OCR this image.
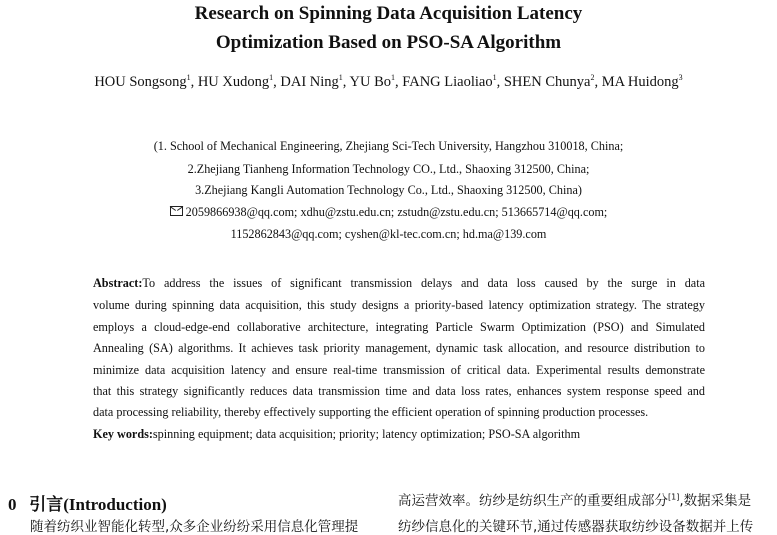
Research on Spinning Data Acquisition Latency
Optimization Based on PSO-SA Algorithm
HOU Songsong$^1$, HU Xudong$^1$, DAI Ning$^1$, YU Bo$^1$, FANG Liaoliao$^1$, SHEN Chunya$^2$, MA Huidong$^3$
(1. School of Mechanical Engineering, Zhejiang Sci-Tech University, Hangzhou 310018, China;
2.Zhejiang Tianheng Information Technology CO., Ltd., Shaoxing 312500, China;
3.Zhejiang Kangli Automation Technology Co., Ltd., Shaoxing 312500, China)
2059866938@qq.com; xdhu@zstu.edu.cn; zstudn@zstu.edu.cn; 513665714@qq.com;
1152862843@qq.com; cyshen@kl-tec.com.cn; hd.ma@139.com
Abstract:To address the issues of significant transmission delays and data loss caused by the surge in data
volume during spinning data acquisition, this study designs a priority-based latency optimization strategy. The strategy
employs a cloud-edge-end collaborative architecture, integrating Particle Swarm Optimization (PSO) and Simulated
Annealing (SA) algorithms. It achieves task priority management, dynamic task allocation, and resource distribution to
minimize data acquisition latency and ensure real-time transmission of critical data. Experimental results demonstrate
that this strategy significantly reduces data transmission time and data loss rates, enhances system response speed and
data processing reliability, thereby effectively supporting the efficient operation of spinning production processes.
Key words:spinning equipment; data acquisition; priority; latency optimization; PSO-SA algorithm
0 引言(Introduction)
随着纺织业智能化转型,众多企业纷纷采用信息化管理提
高运营效率。纺纱是纺织生产的重要组成部分[1],数据采集是
纺纱信息化的关键环节,通过传感器获取纺纱设备数据并上传
